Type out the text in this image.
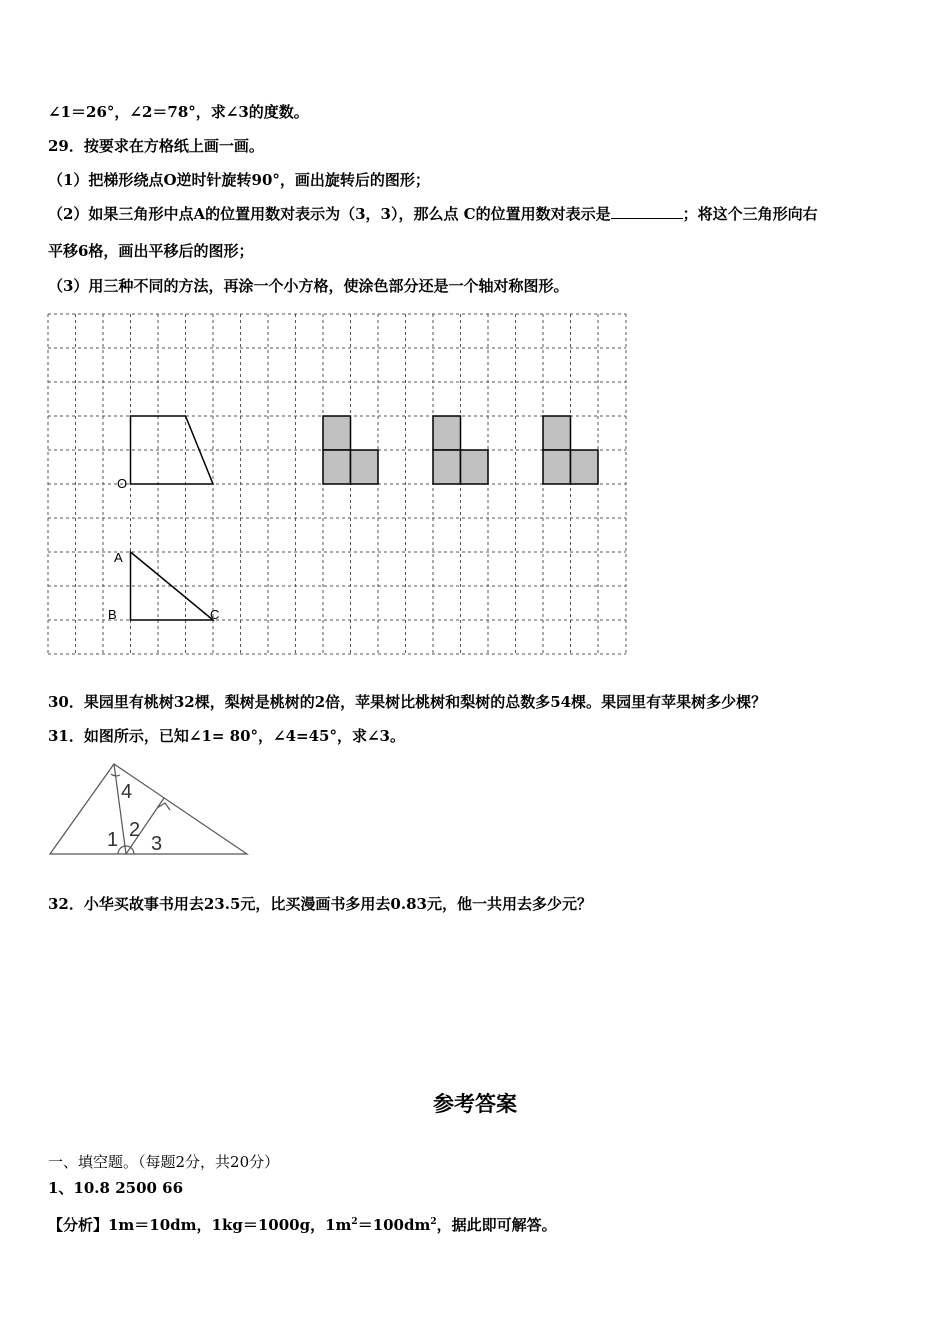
∠1＝26°，∠2＝78°，求∠3的度数。
29．按要求在方格纸上画一画。
（1）把梯形绕点O逆时针旋转90°，画出旋转后的图形；
（2）如果三角形中点A的位置用数对表示为（3，3），那么点 C的位置用数对表示是	；将这个三角形向右
平移6格，画出平移后的图形；
（3）用三种不同的方法，再涂一个小方格，使涂色部分还是一个轴对称图形。
O
A
B	C
30．果园里有桃树32棵，梨树是桃树的2倍，苹果树比桃树和梨树的总数多54棵。果园里有苹果树多少棵？
31．如图所示，已知∠1= 80°，∠4=45°，求∠3。
4
1 2
3
32．小华买故事书用去23.5元，比买漫画书多用去0.83元，他一共用去多少元？
参考答案
一、填空题。（每题2分，共20分）
1、10.8 2500 66
【分析】1m＝10dm，1kg＝1000g，$1m^2=100dm^2$，据此即可解答。
